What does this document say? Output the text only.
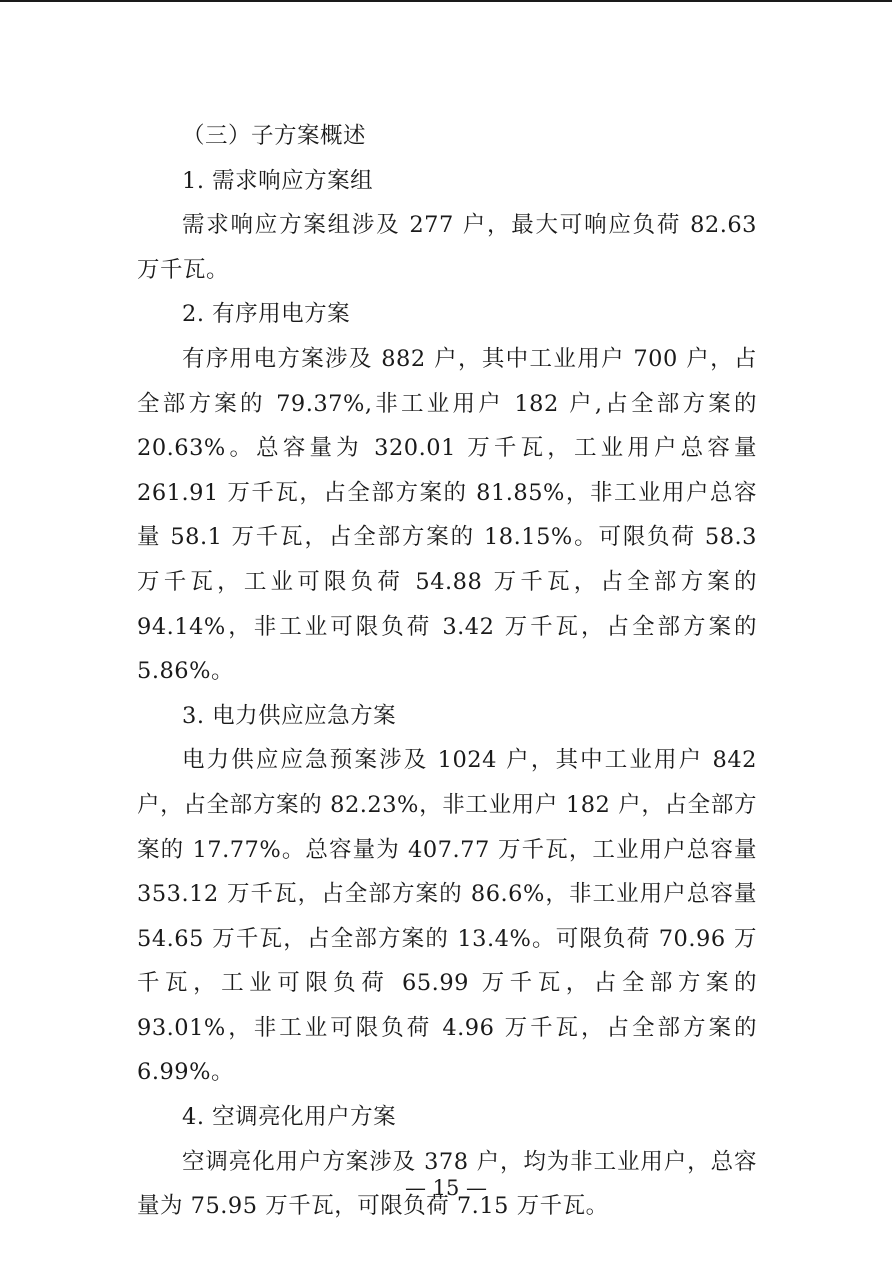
（三）子方案概述

1. 需求响应方案组

需求响应方案组涉及 277 户，最大可响应负荷 82.63 万千瓦。

2. 有序用电方案

有序用电方案涉及 882 户，其中工业用户 700 户，占全部方案的 79.37%,非工业用户 182 户,占全部方案的 20.63%。总容量为 320.01 万千瓦，工业用户总容量 261.91 万千瓦，占全部方案的 81.85%，非工业用户总容量 58.1 万千瓦，占全部方案的 18.15%。可限负荷 58.3 万千瓦，工业可限负荷 54.88 万千瓦，占全部方案的 94.14%，非工业可限负荷 3.42 万千瓦，占全部方案的 5.86%。

3. 电力供应应急方案

电力供应应急预案涉及 1024 户，其中工业用户 842 户，占全部方案的 82.23%，非工业用户 182 户，占全部方案的 17.77%。总容量为 407.77 万千瓦，工业用户总容量 353.12 万千瓦，占全部方案的 86.6%，非工业用户总容量 54.65 万千瓦，占全部方案的 13.4%。可限负荷 70.96 万千瓦，工业可限负荷 65.99 万千瓦，占全部方案的 93.01%，非工业可限负荷 4.96 万千瓦，占全部方案的 6.99%。

4. 空调亮化用户方案

空调亮化用户方案涉及 378 户，均为非工业用户，总容量为 75.95 万千瓦，可限负荷 7.15 万千瓦。

— 15 —
